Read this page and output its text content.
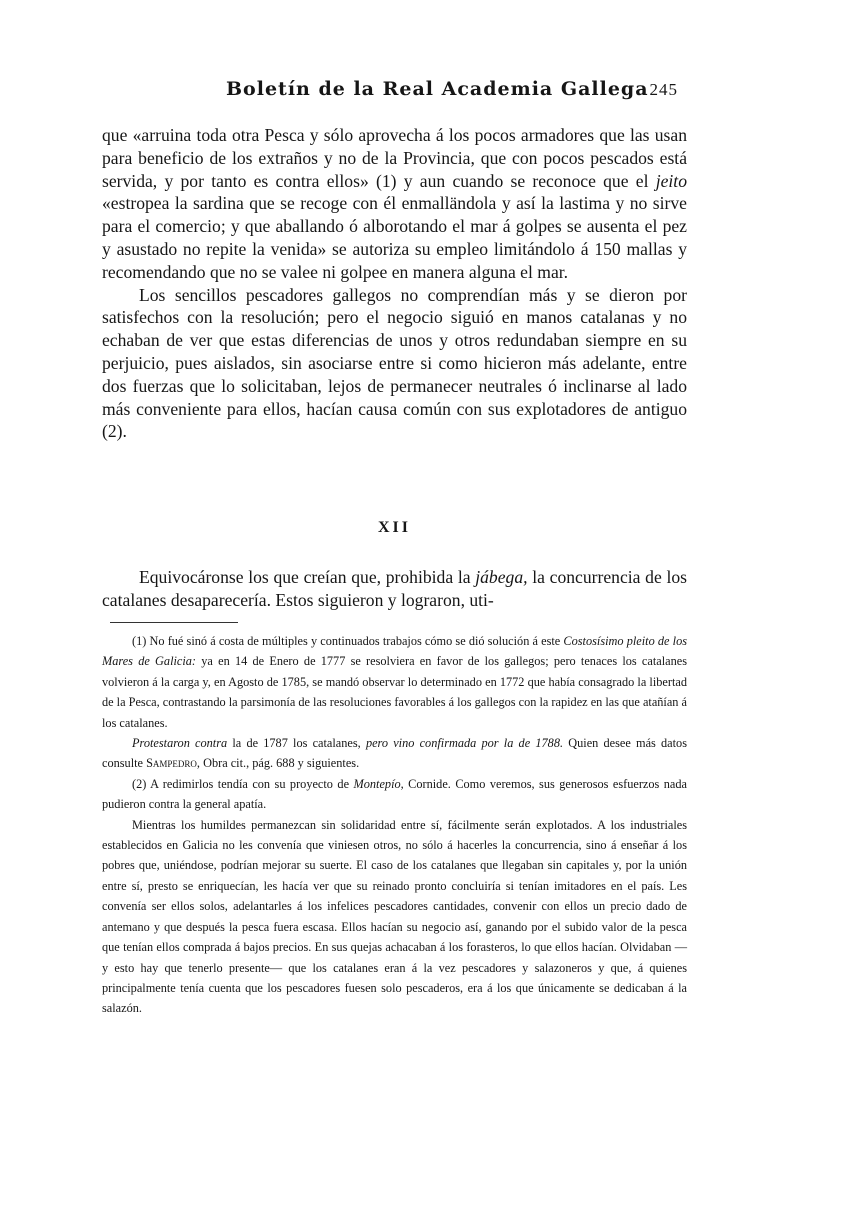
Boletín de la Real Academia Gallega 245

que «arruina toda otra Pesca y sólo aprovecha á los pocos armadores que las usan para beneficio de los extraños y no de la Provincia, que con pocos pescados está servida, y por tanto es contra ellos» (1) y aun cuando se reconoce que el jeito «estropea la sardina que se recoge con él enmalländola y así la lastima y no sirve para el comercio; y que aballando ó alborotando el mar á golpes se ausenta el pez y asustado no repite la venida» se autoriza su empleo limitándolo á 150 mallas y recomendando que no se valee ni golpee en manera alguna el mar.

Los sencillos pescadores gallegos no comprendían más y se dieron por satisfechos con la resolución; pero el negocio siguió en manos catalanas y no echaban de ver que estas diferencias de unos y otros redundaban siempre en su perjuicio, pues aislados, sin asociarse entre si como hicieron más adelante, entre dos fuerzas que lo solicitaban, lejos de permanecer neutrales ó inclinarse al lado más conveniente para ellos, hacían causa común con sus explotadores de antiguo (2).

XII

Equivocáronse los que creían que, prohibida la jábega, la concurrencia de los catalanes desaparecería. Estos siguieron y lograron, uti-

(1) No fué sinó á costa de múltiples y continuados trabajos cómo se dió solución á este Costosísimo pleito de los Mares de Galicia: ya en 14 de Enero de 1777 se resolviera en favor de los gallegos; pero tenaces los catalanes volvieron á la carga y, en Agosto de 1785, se mandó observar lo determinado en 1772 que había consagrado la libertad de la Pesca, contrastando la parsimonía de las resoluciones favorables á los gallegos con la rapidez en las que atañían á los catalanes.

Protestaron contra la de 1787 los catalanes, pero vino confirmada por la de 1788. Quien desee más datos consulte Sampedro, Obra cit., pág. 688 y siguientes.

(2) A redimirlos tendía con su proyecto de Montepío, Cornide. Como veremos, sus generosos esfuerzos nada pudieron contra la general apatía.

Mientras los humildes permanezcan sin solidaridad entre sí, fácilmente serán explotados. A los industriales establecidos en Galicia no les convenía que viniesen otros, no sólo á hacerles la concurrencia, sino á enseñar á los pobres que, uniéndose, podrían mejorar su suerte. El caso de los catalanes que llegaban sin capitales y, por la unión entre sí, presto se enriquecían, les hacía ver que su reinado pronto concluiría si tenían imitadores en el país. Les convenía ser ellos solos, adelantarles á los infelices pescadores cantidades, convenir con ellos un precio dado de antemano y que después la pesca fuera escasa. Ellos hacían su negocio así, ganando por el subido valor de la pesca que tenían ellos comprada á bajos precios. En sus quejas achacaban á los forasteros, lo que ellos hacían. Olvidaban —y esto hay que tenerlo presente— que los catalanes eran á la vez pescadores y salazoneros y que, á quienes principalmente tenía cuenta que los pescadores fuesen solo pescaderos, era á los que únicamente se dedicaban á la salazón.
